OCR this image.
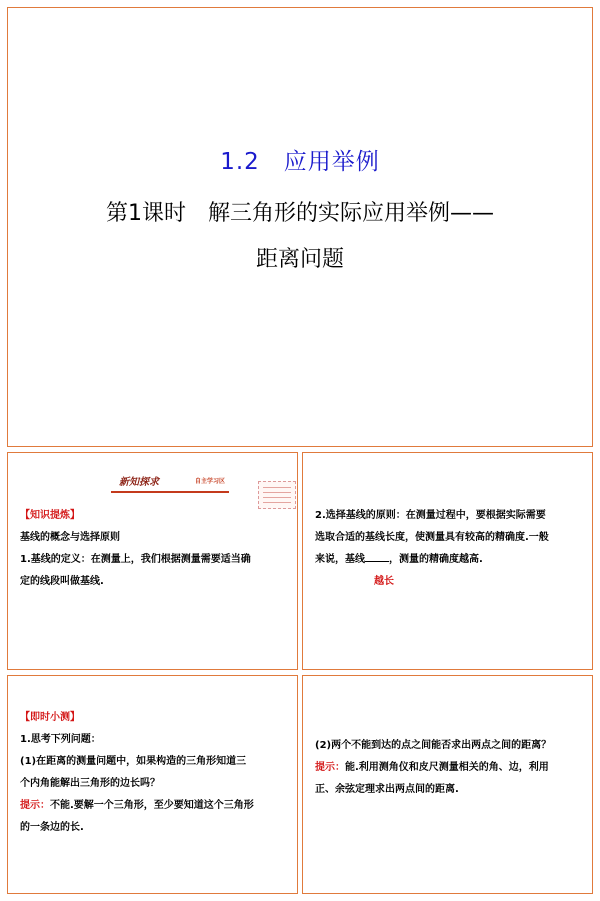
1.2　应用举例
第1课时　解三角形的实际应用举例——
距离问题
新知探求	自主学习区
【知识提炼】
基线的概念与选择原则
1.基线的定义：在测量上，我们根据测量需要适当确
定的线段叫做基线.
2.选择基线的原则：在测量过程中，要根据实际需要
选取合适的基线长度，使测量具有较高的精确度.一般
来说，基线 ，测量的精确度越高.
越长
【即时小测】
1.思考下列问题：
(1)在距离的测量问题中，如果构造的三角形知道三
个内角能解出三角形的边长吗？
提示：不能.要解一个三角形，至少要知道这个三角形
的一条边的长.
(2)两个不能到达的点之间能否求出两点之间的距离？
提示：能.利用测角仪和皮尺测量相关的角、边，利用
正、余弦定理求出两点间的距离.
